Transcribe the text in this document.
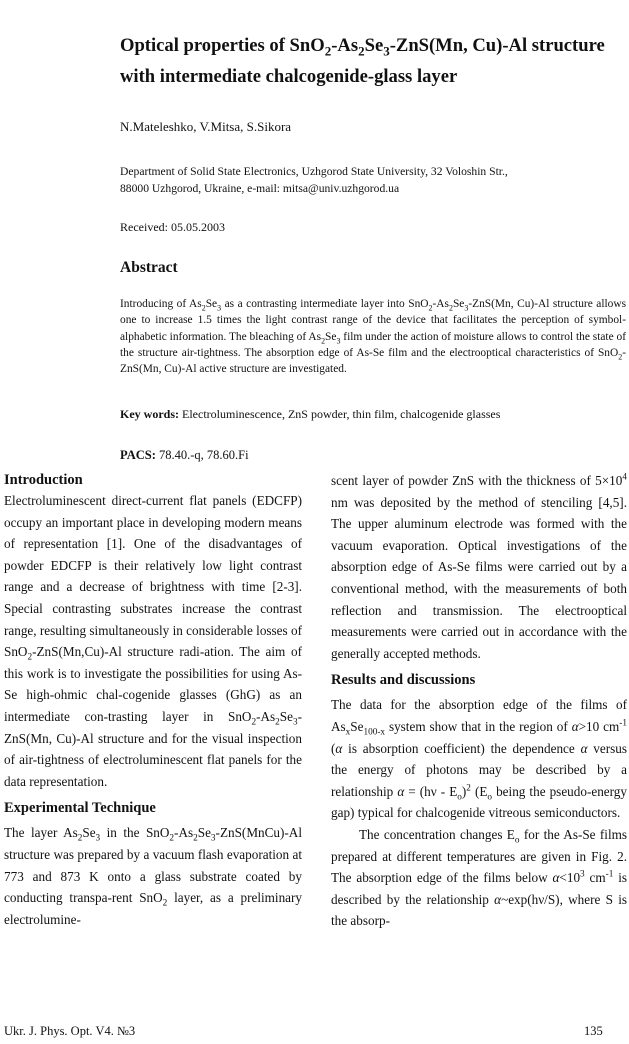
Optical properties of $SnO_2-As_2Se_3-ZnS(Mn$, Cu)-Al structure
with intermediate chalcogenide-glass layer
N.Mateleshko, V.Mitsa, S.Sikora
Department of Solid State Electronics, Uzhgorod State University, 32 Voloshin Str.,
88000 Uzhgorod, Ukraine, e-mail: mitsa@univ.uzhgorod.ua
Received: 05.05.2003
Abstract
Introducing of $As_2Se_3$ as a contrasting intermediate layer into $SnO_2-As_2Se_3-ZnS(Mn$, Cu)-Al structure allows one to increase 1.5 times the light contrast range of the device that facilitates the perception of symbol-alphabetic information. The bleaching of $As_2Se_3$ film under the action of moisture allows to control the state of the structure air-tightness. The absorption edge of As-Se film and the electrooptical characteristics of SnO$_2$-ZnS(Mn, Cu)-Al active structure are investigated.
Key words: Electroluminescence, ZnS powder, thin film, chalcogenide glasses
PACS: 78.40.-q, 78.60.Fi
Introduction

Electroluminescent direct-current flat panels (EDCFP) occupy an important place in developing modern means of representation [1]. One of the disadvantages of powder EDCFP is their relatively low light contrast range and a decrease of brightness with time [2-3]. Special contrasting substrates increase the contrast range, resulting simultaneously in considerable losses of SnO$_2$-ZnS(Mn,Cu)-Al structure radi-ation. The aim of this work is to investigate the possibilities for using As-Se high-ohmic chal-cogenide glasses (GhG) as an intermediate con-trasting layer in $SnO_2-As_2Se_3-ZnS(Mn$, Cu)-Al structure and for the visual inspection of air-tightness of electroluminescent flat panels for the data representation.

Experimental Technique

The layer $As_2Se_3$ in the $SnO_2-As_2Se_3-ZnS(MnCu)-Al$ structure was prepared by a vacuum flash evaporation at 773 and 873 K onto a glass substrate coated by conducting transpa-rent SnO$_2$ layer, as a preliminary electrolumine-

scent layer of powder ZnS with the thickness of $5\times 10^4$ nm was deposited by the method of stenciling [4,5]. The upper aluminum electrode was formed with the vacuum evaporation. Optical investigations of the absorption edge of As-Se films were carried out by a conventional method, with the measurements of both reflection and transmission. The electrooptical measurements were carried out in accordance with the generally accepted methods.

Results and discussions

The data for the absorption edge of the films of $As_xSe_{100-x}$ system show that in the region of α>10 $cm^{-1}$ (α is absorption coefficient) the dependence α versus the energy of photons may be described by a relationship $\alpha = (h\nu - E_o)^2$ ($E_o$ being the pseudo-energy gap) typical for chalcogenide vitreous semiconductors.

The concentration changes $E_o$ for the As-Se films prepared at different temperatures are given in Fig. 2. The absorption edge of the films below $\alpha<10^3$ $cm^{-1}$ is described by the relationship α~exp(hν/S), where S is the absorp-

Ukr. J. Phys. Opt. V4. №3	135
